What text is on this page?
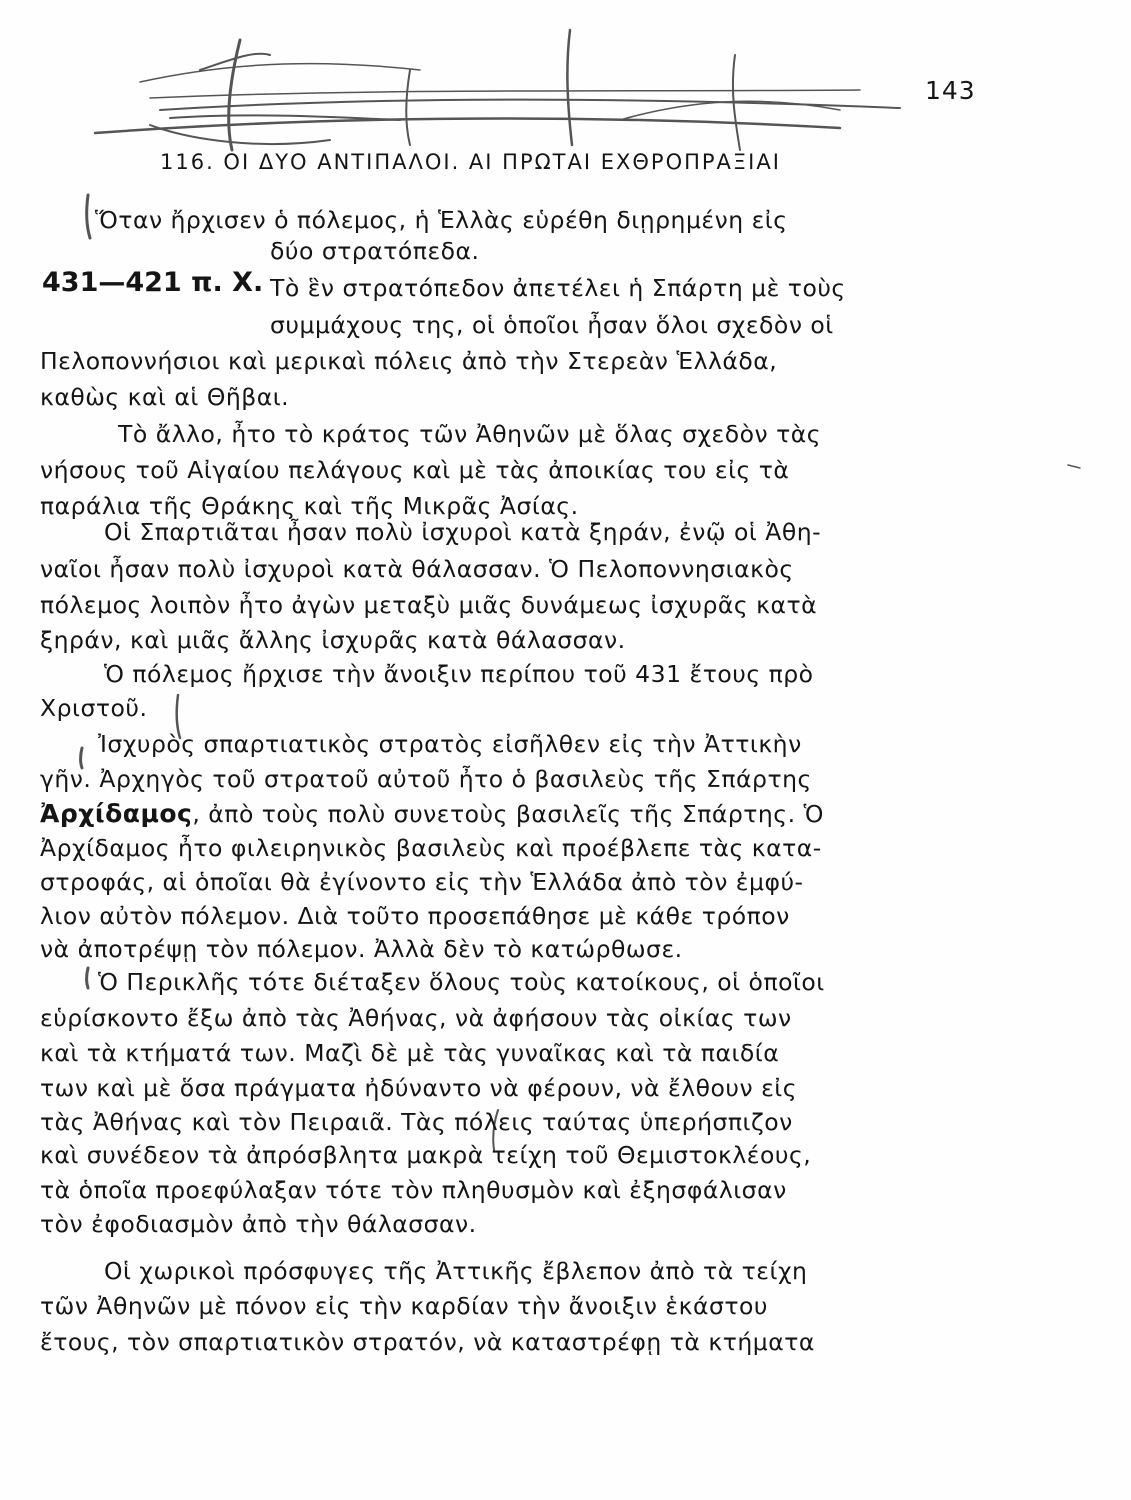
143
116. ΟΙ ΔΥΟ ΑΝΤΙΠΑΛΟΙ. ΑΙ ΠΡΩΤΑΙ ΕΧΘΡΟΠΡΑΞΙΑΙ
431—421 π. Χ.
Ὅταν ἤρχισεν ὁ πόλεμος, ἡ Ἑλλὰς εὑρέθη διῃρημένη εἰς
δύο στρατόπεδα.
Τὸ ἓν στρατόπεδον ἀπετέλει ἡ Σπάρτη μὲ τοὺς
συμμάχους της, οἱ ὁποῖοι ἦσαν ὅλοι σχεδὸν οἱ
Πελοποννήσιοι καὶ μερικαὶ πόλεις ἀπὸ τὴν Στερεὰν Ἑλλάδα,
καθὼς καὶ αἱ Θῆβαι.
Τὸ ἄλλο, ἦτο τὸ κράτος τῶν Ἀθηνῶν μὲ ὅλας σχεδὸν τὰς
νήσους τοῦ Αἰγαίου πελάγους καὶ μὲ τὰς ἀποικίας του εἰς τὰ
παράλια τῆς Θράκης καὶ τῆς Μικρᾶς Ἀσίας.
Οἱ Σπαρτιᾶται ἦσαν πολὺ ἰσχυροὶ κατὰ ξηράν, ἐνῷ οἱ Ἀθη-
ναῖοι ἦσαν πολὺ ἰσχυροὶ κατὰ θάλασσαν. Ὁ Πελοποννησιακὸς
πόλεμος λοιπὸν ἦτο ἀγὼν μεταξὺ μιᾶς δυνάμεως ἰσχυρᾶς κατὰ
ξηράν, καὶ μιᾶς ἄλλης ἰσχυρᾶς κατὰ θάλασσαν.
Ὁ πόλεμος ἤρχισε τὴν ἄνοιξιν περίπου τοῦ 431 ἔτους πρὸ
Χριστοῦ.
Ἰσχυρὸς σπαρτιατικὸς στρατὸς εἰσῆλθεν εἰς τὴν Ἀττικὴν
γῆν. Ἀρχηγὸς τοῦ στρατοῦ αὐτοῦ ἦτο ὁ βασιλεὺς τῆς Σπάρτης
Ἀρχίδαμος, ἀπὸ τοὺς πολὺ συνετοὺς βασιλεῖς τῆς Σπάρτης. Ὁ
Ἀρχίδαμος ἦτο φιλειρηνικὸς βασιλεὺς καὶ προέβλεπε τὰς κατα-
στροφάς, αἱ ὁποῖαι θὰ ἐγίνοντο εἰς τὴν Ἑλλάδα ἀπὸ τὸν ἐμφύ-
λιον αὐτὸν πόλεμον. Διὰ τοῦτο προσεπάθησε μὲ κάθε τρόπον
νὰ ἀποτρέψῃ τὸν πόλεμον. Ἀλλὰ δὲν τὸ κατώρθωσε.
Ὁ Περικλῆς τότε διέταξεν ὅλους τοὺς κατοίκους, οἱ ὁποῖοι
εὑρίσκοντο ἔξω ἀπὸ τὰς Ἀθήνας, νὰ ἀφήσουν τὰς οἰκίας των
καὶ τὰ κτήματά των. Μαζὶ δὲ μὲ τὰς γυναῖκας καὶ τὰ παιδία
των καὶ μὲ ὅσα πράγματα ἠδύναντο νὰ φέρουν, νὰ ἔλθουν εἰς
τὰς Ἀθήνας καὶ τὸν Πειραιᾶ. Τὰς πόλεις ταύτας ὑπερήσπιζον
καὶ συνέδεον τὰ ἀπρόσβλητα μακρὰ τείχη τοῦ Θεμιστοκλέους,
τὰ ὁποῖα προεφύλαξαν τότε τὸν πληθυσμὸν καὶ ἐξησφάλισαν
τὸν ἐφοδιασμὸν ἀπὸ τὴν θάλασσαν.
Οἱ χωρικοὶ πρόσφυγες τῆς Ἀττικῆς ἔβλεπον ἀπὸ τὰ τείχη
τῶν Ἀθηνῶν μὲ πόνον εἰς τὴν καρδίαν τὴν ἄνοιξιν ἑκάστου
ἔτους, τὸν σπαρτιατικὸν στρατόν, νὰ καταστρέφῃ τὰ κτήματα
